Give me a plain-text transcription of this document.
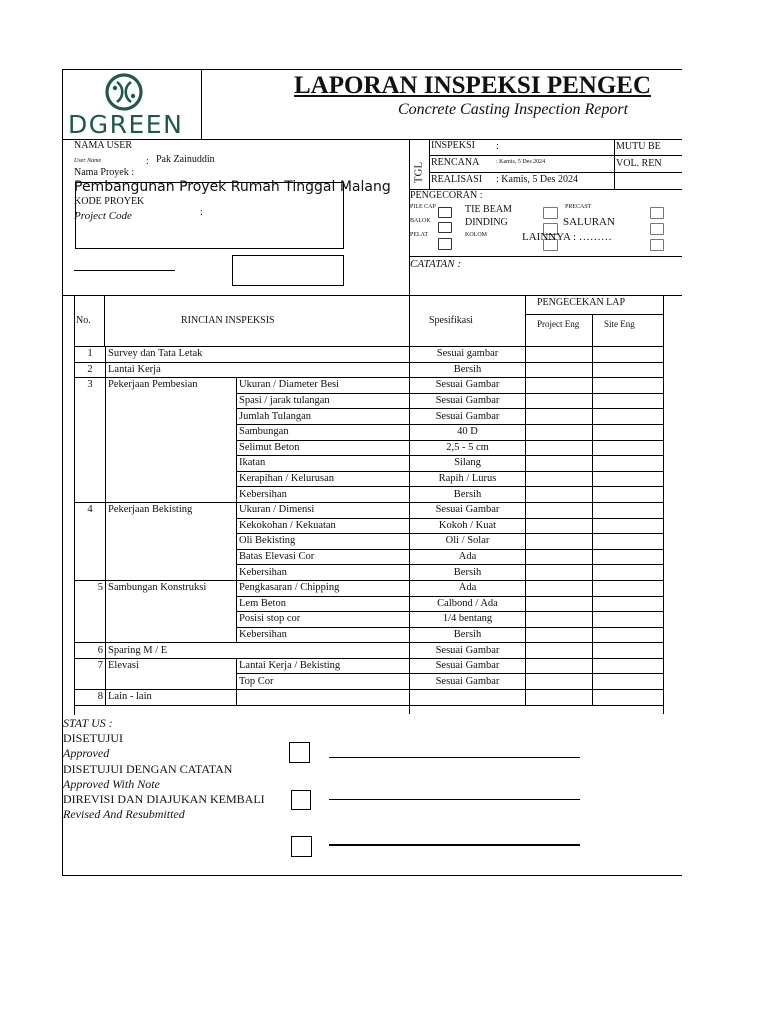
DGREEN
LAPORAN INSPEKSI PENGEC
Concrete Casting Inspection Report
NAMA USER
User Name	: Pak Zainuddin
Nama Proyek :
Pembangunan Proyek Rumah Tinggal Malang
KODE PROYEK
Project Code	:
TGL
INSPEKSI :
RENCANA	: Kamis, 5 Des 2024
REALISASI : Kamis, 5 Des 2024
MUTU BE
VOL. REN
PENGECORAN :
PILE CAP
BALOK
PELAT
TIE BEAM
DINDING
KOLOM
PRECAST
SALURAN
LAINNYA : ………
CATATAN :
No.	RINCIAN INSPEKSIS	Spesifikasi
PENGECEKAN LAP
Project Eng	Site Eng
1	Survey dan Tata Letak		Sesuai gambar		
2	Lantai Kerja		Bersih		
3	Pekerjaan Pembesian	Ukuran / Diameter Besi	Sesuai Gambar		
		Spasi / jarak tulangan	Sesuai Gambar		
		Jumlah Tulangan	Sesuai Gambar		
		Sambungan	40 D		
		Selimut Beton	2,5 - 5 cm		
		Ikatan	Silang		
		Kerapihan / Kelurusan	Rapih / Lurus		
		Kebersihan	Bersih		
4	Pekerjaan Bekisting	Ukuran / Dimensi	Sesuai Gambar		
		Kekokohan / Kekuatan	Kokoh / Kuat		
		Oli Bekisting	Oli / Solar		
		Batas Elevasi Cor	Ada		
		Kebersihan	Bersih		
5	Sambungan Konstruksi	Pengkasaran / Chipping	Ada		
		Lem Beton	Calbond / Ada		
		Posisi stop cor	1/4 bentang		
		Kebersihan	Bersih		
6	Sparing M / E		Sesuai Gambar		
7	Elevasi	Lantai Kerja / Bekisting	Sesuai Gambar		
		Top Cor	Sesuai Gambar		
8	Lain - lain				
STAT US :
DISETUJUI
Approved
DISETUJUI DENGAN CATATAN
Approved With Note
DIREVISI DAN DIAJUKAN KEMBALI
Revised And Resubmitted
